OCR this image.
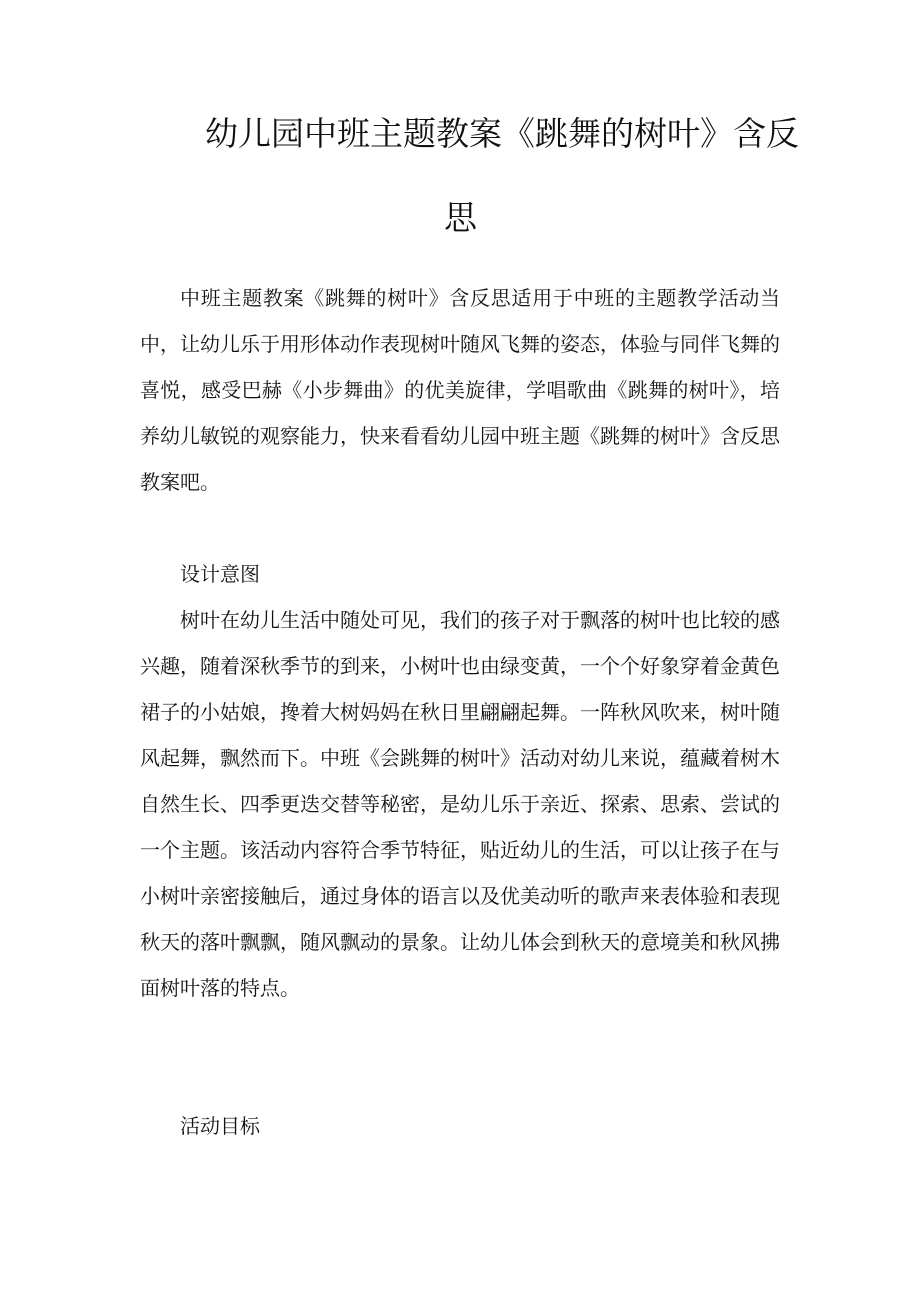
幼儿园中班主题教案《跳舞的树叶》含反
思

中班主题教案《跳舞的树叶》含反思适用于中班的主题教学活动当中，让幼儿乐于用形体动作表现树叶随风飞舞的姿态，体验与同伴飞舞的喜悦，感受巴赫《小步舞曲》的优美旋律，学唱歌曲《跳舞的树叶》，培养幼儿敏锐的观察能力，快来看看幼儿园中班主题《跳舞的树叶》含反思教案吧。

设计意图

树叶在幼儿生活中随处可见，我们的孩子对于飘落的树叶也比较的感兴趣，随着深秋季节的到来，小树叶也由绿变黄，一个个好象穿着金黄色裙子的小姑娘，搀着大树妈妈在秋日里翩翩起舞。一阵秋风吹来，树叶随风起舞，飘然而下。中班《会跳舞的树叶》活动对幼儿来说，蕴藏着树木自然生长、四季更迭交替等秘密，是幼儿乐于亲近、探索、思索、尝试的一个主题。该活动内容符合季节特征，贴近幼儿的生活，可以让孩子在与小树叶亲密接触后，通过身体的语言以及优美动听的歌声来表体验和表现秋天的落叶飘飘，随风飘动的景象。让幼儿体会到秋天的意境美和秋风拂面树叶落的特点。

活动目标
